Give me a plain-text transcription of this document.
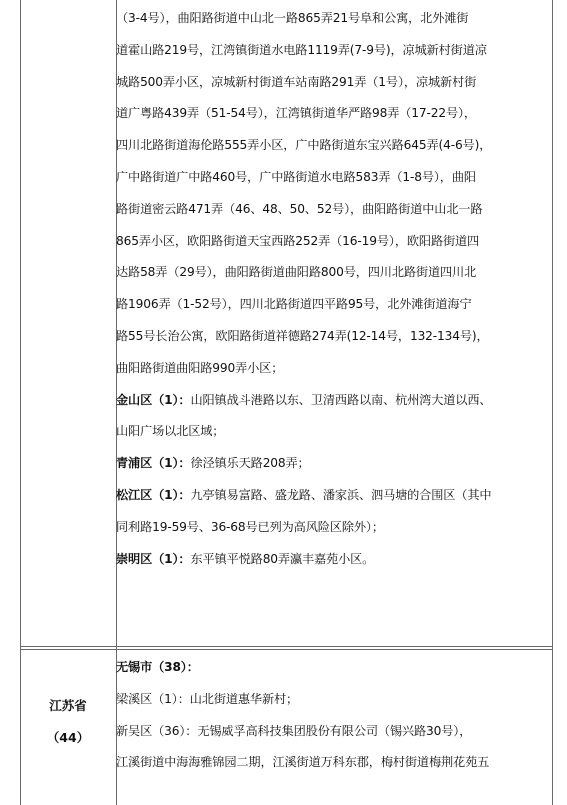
（3-4号），曲阳路街道中山北一路865弄21号阜和公寓，北外滩街
道霍山路219号，江湾镇街道水电路1119弄(7-9号)，凉城新村街道凉
城路500弄小区，凉城新村街道车站南路291弄（1号），凉城新村街
道广粤路439弄（51-54号），江湾镇街道华严路98弄（17-22号），
四川北路街道海伦路555弄小区，广中路街道东宝兴路645弄(4-6号)，
广中路街道广中路460号，广中路街道水电路583弄（1-8号），曲阳
路街道密云路471弄（46、48、50、52号），曲阳路街道中山北一路
865弄小区，欧阳路街道天宝西路252弄（16-19号），欧阳路街道四
达路58弄（29号），曲阳路街道曲阳路800号，四川北路街道四川北
路1906弄（1-52号），四川北路街道四平路95号，北外滩街道海宁
路55号长治公寓，欧阳路街道祥德路274弄(12-14号，132-134号)，
曲阳路街道曲阳路990弄小区；
金山区（1）：山阳镇战斗港路以东、卫清西路以南、杭州湾大道以西、
山阳广场以北区域；
青浦区（1）：徐泾镇乐天路208弄；
松江区（1）：九亭镇易富路、盛龙路、潘家浜、泗马塘的合围区（其中
同利路19-59号、36-68号已列为高风险区除外）；
崇明区（1）：东平镇平悦路80弄瀛丰嘉苑小区。
江苏省
（44）
无锡市（38）：
梁溪区（1）：山北街道惠华新村；
新吴区（36）：无锡威孚高科技集团股份有限公司（锡兴路30号），
江溪街道中海海雅锦园二期，江溪街道万科东郡，梅村街道梅荆花苑五
